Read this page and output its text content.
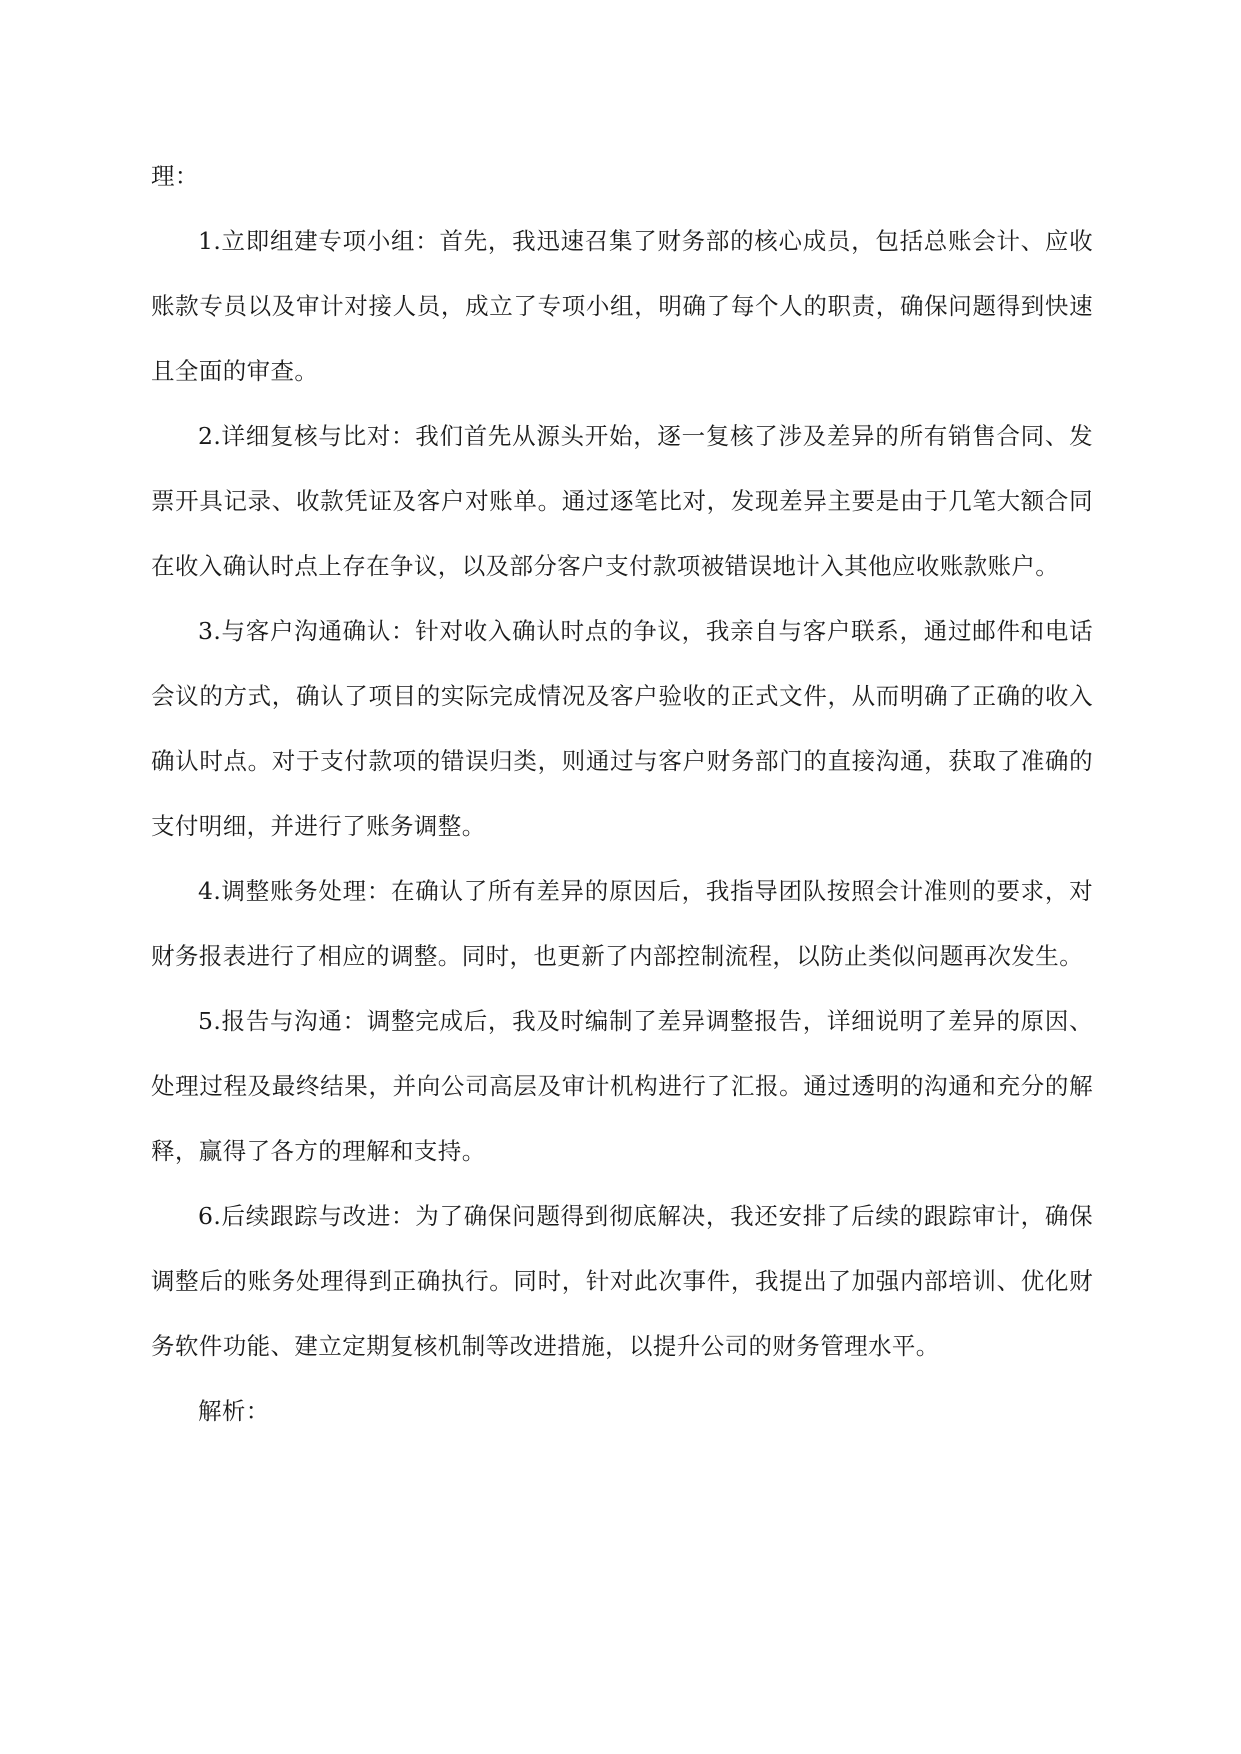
理：

1.立即组建专项小组：首先，我迅速召集了财务部的核心成员，包括总账会计、应收账款专员以及审计对接人员，成立了专项小组，明确了每个人的职责，确保问题得到快速且全面的审查。

2.详细复核与比对：我们首先从源头开始，逐一复核了涉及差异的所有销售合同、发票开具记录、收款凭证及客户对账单。通过逐笔比对，发现差异主要是由于几笔大额合同在收入确认时点上存在争议，以及部分客户支付款项被错误地计入其他应收账款账户。

3.与客户沟通确认：针对收入确认时点的争议，我亲自与客户联系，通过邮件和电话会议的方式，确认了项目的实际完成情况及客户验收的正式文件，从而明确了正确的收入确认时点。对于支付款项的错误归类，则通过与客户财务部门的直接沟通，获取了准确的支付明细，并进行了账务调整。

4.调整账务处理：在确认了所有差异的原因后，我指导团队按照会计准则的要求，对财务报表进行了相应的调整。同时，也更新了内部控制流程，以防止类似问题再次发生。

5.报告与沟通：调整完成后，我及时编制了差异调整报告，详细说明了差异的原因、处理过程及最终结果，并向公司高层及审计机构进行了汇报。通过透明的沟通和充分的解释，赢得了各方的理解和支持。

6.后续跟踪与改进：为了确保问题得到彻底解决，我还安排了后续的跟踪审计，确保调整后的账务处理得到正确执行。同时，针对此次事件，我提出了加强内部培训、优化财务软件功能、建立定期复核机制等改进措施，以提升公司的财务管理水平。

解析：
